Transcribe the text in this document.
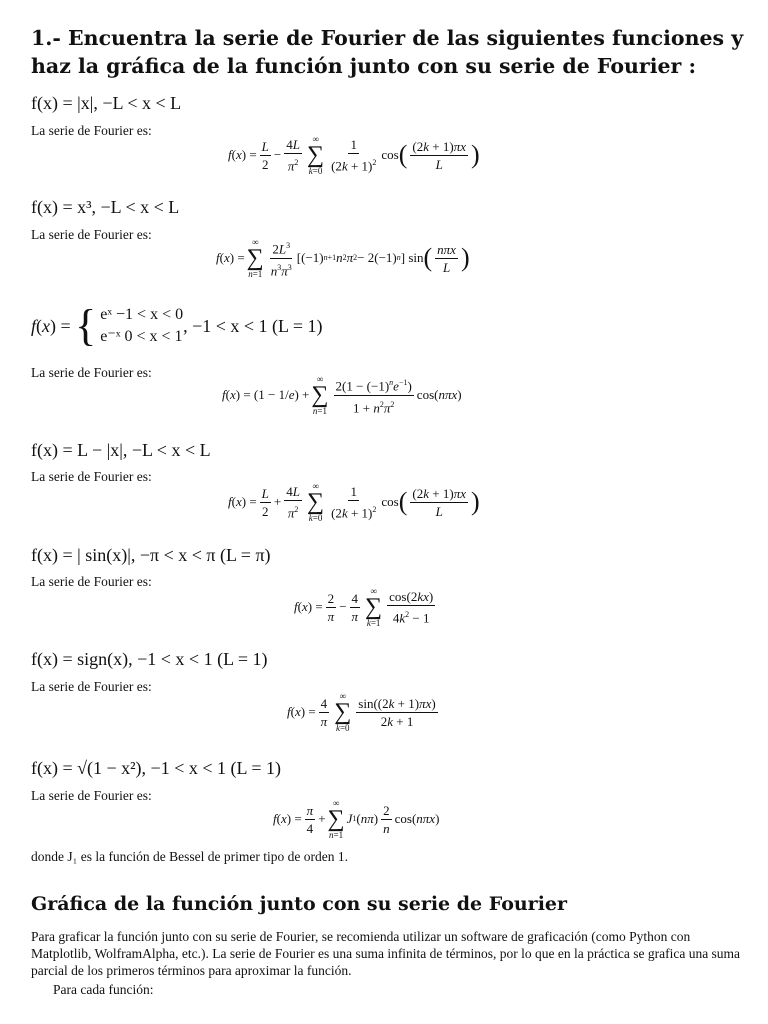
1.- Encuentra la serie de Fourier de las siguientes funciones y haz la gráfica de la función junto con su serie de Fourier :
f(x) = |x|, −L < x < L
La serie de Fourier es:
f ( x ) = $\frac{L}{2} - \frac{4L}{\pi^2}$ ∞
∑
$k=0 \frac{1}{(2k + 1)^2}$ cos ( $\frac{(2k + 1)\pi x}{L}$ )
f(x) = x³, −L < x < L
La serie de Fourier es:
f ( x ) =
∞
∑
$n=1 \frac{2L^3}{n^3\pi^3} [(-1)$ n+1 n 2 π 2 − 2(−1) n ] sin ( $\frac{\text{nπx}}{L}$ )
f(x) = { eˣ −1 < x < 0
e⁻ˣ 0 < x < 1
, −1 < x < 1 (L = 1)
La serie de Fourier es:
f ( x ) = (1 − 1/ e ) +
∞
∑
$n=1 \frac{2(1 - (-1)^ne^{-1})}{1 + n^2\pi^2} \cos$( nπx )
f(x) = L − |x|, −L < x < L
La serie de Fourier es:
f ( x ) = $\frac{L}{2} + \frac{4L}{\pi^2}$ ∞
∑
$k=0 \frac{1}{(2k + 1)^2}$ cos ( $\frac{(2k + 1)\pi x}{L}$ )
f(x) = | sin(x)|, −π < x < π (L = π)
La serie de Fourier es:
f ( x ) = $\frac{2}{\pi} - \frac{4}{\pi}$ ∞
∑
$k=1 \frac{\cos(2kx)}{4k^2 - 1}$
f(x) = sign(x), −1 < x < 1 (L = 1)
La serie de Fourier es:
f ( x ) = $\frac{4}{\pi}$ ∞
∑
$k=0 \frac{\sin((2k + 1)\pi x)}{2k + 1}$
f(x) = √(1 − x²), −1 < x < 1 (L = 1)
La serie de Fourier es:
f ( x ) = $\frac{\pi}{4}$ +
∞
∑
n=1
J 1 ( nπ ) $\frac{2}{n} \cos$( nπx )
donde J₁ es la función de Bessel de primer tipo de orden 1.
Gráfica de la función junto con su serie de Fourier
Para graficar la función junto con su serie de Fourier, se recomienda utilizar un software de graficación (como Python con Matplotlib, WolframAlpha, etc.). La serie de Fourier es una suma infinita de términos, por lo que en la práctica se grafica una suma parcial de los primeros términos para aproximar la función.
Para cada función:
